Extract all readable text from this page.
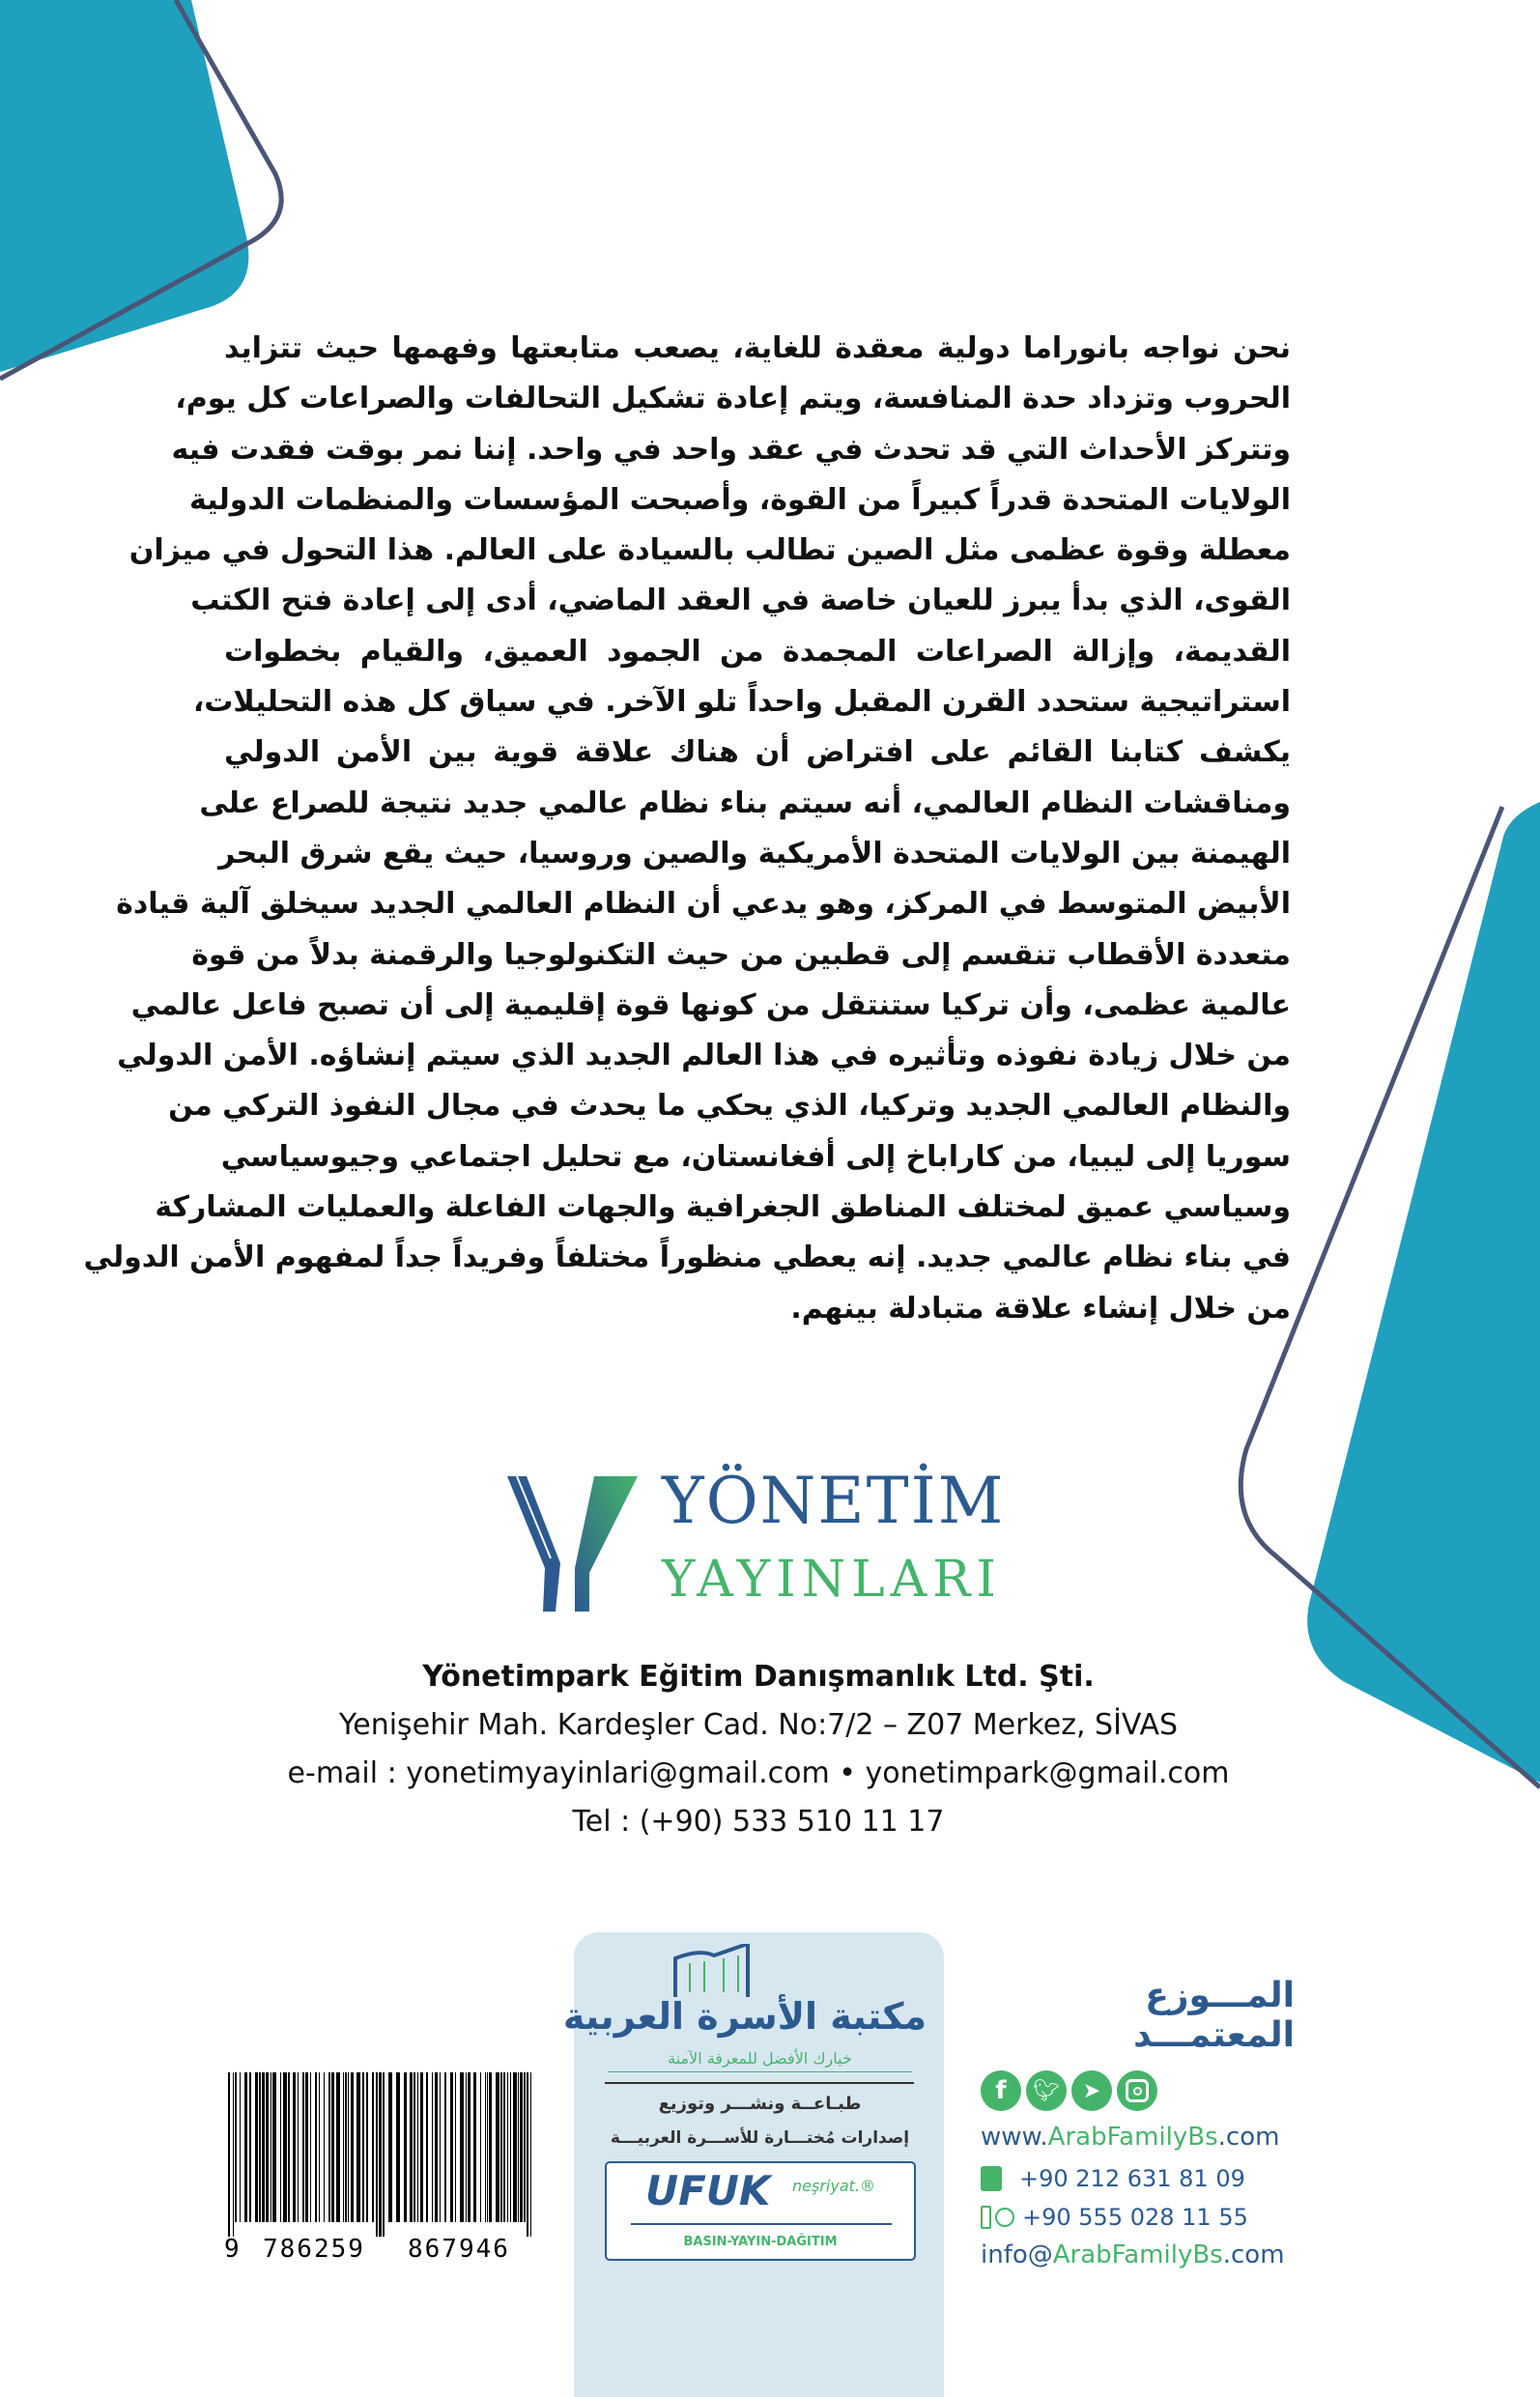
نحن نواجه بانوراما دولية معقدة للغاية، يصعب متابعتها وفهمها حيث تتزايد
الحروب وتزداد حدة المنافسة، ويتم إعادة تشكيل التحالفات والصراعات كل يوم،
وتتركز الأحداث التي قد تحدث في عقد واحد في واحد. إننا نمر بوقت فقدت فيه
الولايات المتحدة قدراً كبيراً من القوة، وأصبحت المؤسسات والمنظمات الدولية
معطلة وقوة عظمى مثل الصين تطالب بالسيادة على العالم. هذا التحول في ميزان
القوى، الذي بدأ يبرز للعيان خاصة في العقد الماضي، أدى إلى إعادة فتح الكتب
القديمة، وإزالة الصراعات المجمدة من الجمود العميق، والقيام بخطوات
استراتيجية ستحدد القرن المقبل واحداً تلو الآخر. في سياق كل هذه التحليلات،
يكشف كتابنا القائم على افتراض أن هناك علاقة قوية بين الأمن الدولي
ومناقشات النظام العالمي، أنه سيتم بناء نظام عالمي جديد نتيجة للصراع على
الهيمنة بين الولايات المتحدة الأمريكية والصين وروسيا، حيث يقع شرق البحر
الأبيض المتوسط في المركز، وهو يدعي أن النظام العالمي الجديد سيخلق آلية قيادة
متعددة الأقطاب تنقسم إلى قطبين من حيث التكنولوجيا والرقمنة بدلاً من قوة
عالمية عظمى، وأن تركيا ستنتقل من كونها قوة إقليمية إلى أن تصبح فاعل عالمي
من خلال زيادة نفوذه وتأثيره في هذا العالم الجديد الذي سيتم إنشاؤه. الأمن الدولي
والنظام العالمي الجديد وتركيا، الذي يحكي ما يحدث في مجال النفوذ التركي من
سوريا إلى ليبيا، من كاراباخ إلى أفغانستان، مع تحليل اجتماعي وجيوسياسي
وسياسي عميق لمختلف المناطق الجغرافية والجهات الفاعلة والعمليات المشاركة
في بناء نظام عالمي جديد. إنه يعطي منظوراً مختلفاً وفريداً جداً لمفهوم الأمن الدولي
من خلال إنشاء علاقة متبادلة بينهم.
YÖNETİM
YAYINLARI
Yönetimpark Eğitim Danışmanlık Ltd. Şti.
Yenişehir Mah. Kardeşler Cad. No:7/2 – Z07 Merkez, SİVAS
e-mail : yonetimyayinlari@gmail.com • yonetimpark@gmail.com
Tel : (+90) 533 510 11 17
9 786259 867946
مكتبة الأسرة العربية
خيارك الأفضل للمعرفة الآمنة
طبـاعــة ونشـــر وتوزيع
إصدارات مُختـــارة للأســـرة العربيـــة
UFUK neşriyat.®
BASIN-YAYIN-DAĞITIM
المـــوزع المعتمـــد
f	🐦︎	➤
www.ArabFamilyBs.com
+90 212 631 81 09
+90 555 028 11 55
info@ArabFamilyBs.com
